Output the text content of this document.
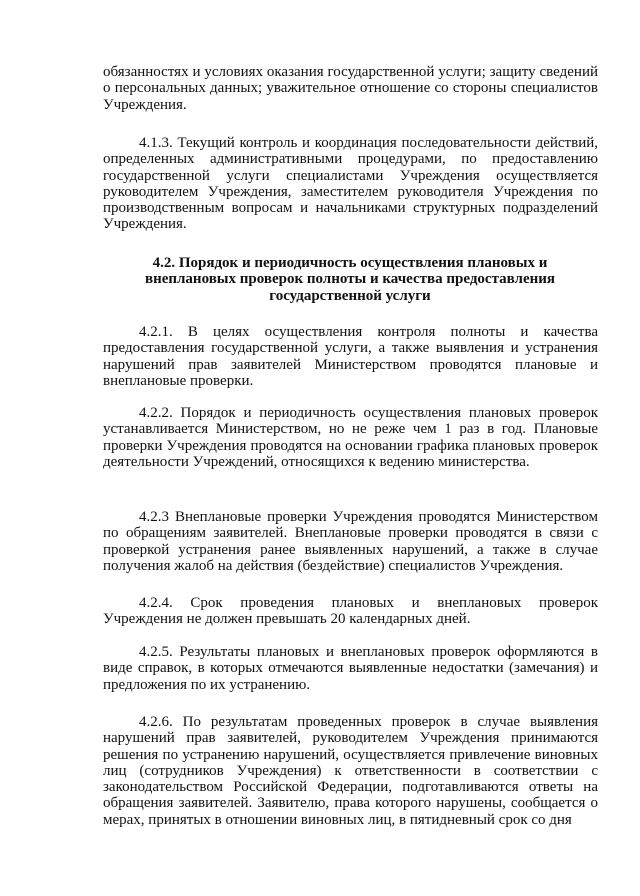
обязанностях и условиях оказания государственной услуги; защиту сведений о персональных данных; уважительное отношение со стороны специалистов Учреждения.

4.1.3. Текущий контроль и координация последовательности действий, определенных административными процедурами, по предоставлению государственной услуги специалистами Учреждения осуществляется руководителем Учреждения, заместителем руководителя Учреждения по производственным вопросам и начальниками структурных подразделений Учреждения.

4.2. Порядок и периодичность осуществления плановых и внеплановых проверок полноты и качества предоставления государственной услуги

4.2.1. В целях осуществления контроля полноты и качества предоставления государственной услуги, а также выявления и устранения нарушений прав заявителей Министерством проводятся плановые и внеплановые проверки.

4.2.2. Порядок и периодичность осуществления плановых проверок устанавливается Министерством, но не реже чем 1 раз в год. Плановые проверки Учреждения проводятся на основании графика плановых проверок деятельности Учреждений, относящихся к ведению министерства.

4.2.3 Внеплановые проверки Учреждения проводятся Министерством по обращениям заявителей. Внеплановые проверки проводятся в связи с проверкой устранения ранее выявленных нарушений, а также в случае получения жалоб на действия (бездействие) специалистов Учреждения.

4.2.4. Срок проведения плановых и внеплановых проверок Учреждения не должен превышать 20 календарных дней.

4.2.5. Результаты плановых и внеплановых проверок оформляются в виде справок, в которых отмечаются выявленные недостатки (замечания) и предложения по их устранению.

4.2.6. По результатам проведенных проверок в случае выявления нарушений прав заявителей, руководителем Учреждения принимаются решения по устранению нарушений, осуществляется привлечение виновных лиц (сотрудников Учреждения) к ответственности в соответствии с законодательством Российской Федерации, подготавливаются ответы на обращения заявителей. Заявителю, права которого нарушены, сообщается о мерах, принятых в отношении виновных лиц, в пятидневный срок со дня
